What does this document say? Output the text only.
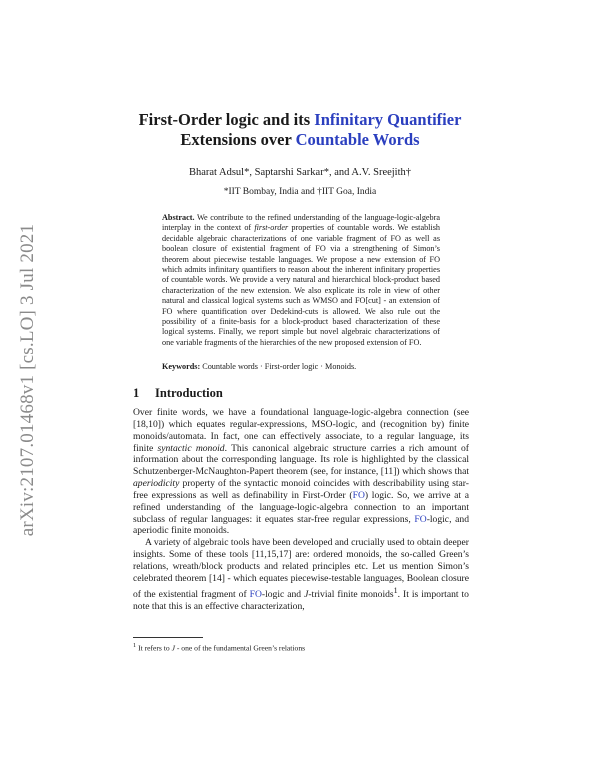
arXiv:2107.01468v1 [cs.LO] 3 Jul 2021
First-Order logic and its Infinitary Quantifier
Extensions over Countable Words
Bharat Adsul*, Saptarshi Sarkar*, and A.V. Sreejith†
*IIT Bombay, India and †IIT Goa, India
Abstract. We contribute to the refined understanding of the language-logic-algebra interplay in the context of first-order properties of countable words. We establish decidable algebraic characterizations of one variable fragment of FO as well as boolean closure of existential fragment of FO via a strengthening of Simon’s theorem about piecewise testable languages. We propose a new extension of FO which admits infinitary quantifiers to reason about the inherent infinitary properties of countable words. We provide a very natural and hierarchical block-product based characterization of the new extension. We also explicate its role in view of other natural and classical logical systems such as WMSO and FO[cut] - an extension of FO where quantification over Dedekind-cuts is allowed. We also rule out the possibility of a finite-basis for a block-product based characterization of these logical systems. Finally, we report simple but novel algebraic characterizations of one variable fragments of the hierarchies of the new proposed extension of FO.
Keywords: Countable words · First-order logic · Monoids.
1 Introduction

Over finite words, we have a foundational language-logic-algebra connection (see [18,10]) which equates regular-expressions, MSO-logic, and (recognition by) finite monoids/automata. In fact, one can effectively associate, to a regular language, its finite syntactic monoid. This canonical algebraic structure carries a rich amount of information about the corresponding language. Its role is highlighted by the classical Schutzenberger-McNaughton-Papert theorem (see, for instance, [11]) which shows that aperiodicity property of the syntactic monoid coincides with describability using star-free expressions as well as definability in First-Order (FO) logic. So, we arrive at a refined understanding of the language-logic-algebra connection to an important subclass of regular languages: it equates star-free regular expressions, FO-logic, and aperiodic finite monoids.

A variety of algebraic tools have been developed and crucially used to obtain deeper insights. Some of these tools [11,15,17] are: ordered monoids, the so-called Green’s relations, wreath/block products and related principles etc. Let us mention Simon’s celebrated theorem [14] - which equates piecewise-testable languages, Boolean closure of the existential fragment of FO-logic and J-trivial finite monoids$^1$. It is important to note that this is an effective characterization,

$^1$ It refers to J - one of the fundamental Green’s relations
